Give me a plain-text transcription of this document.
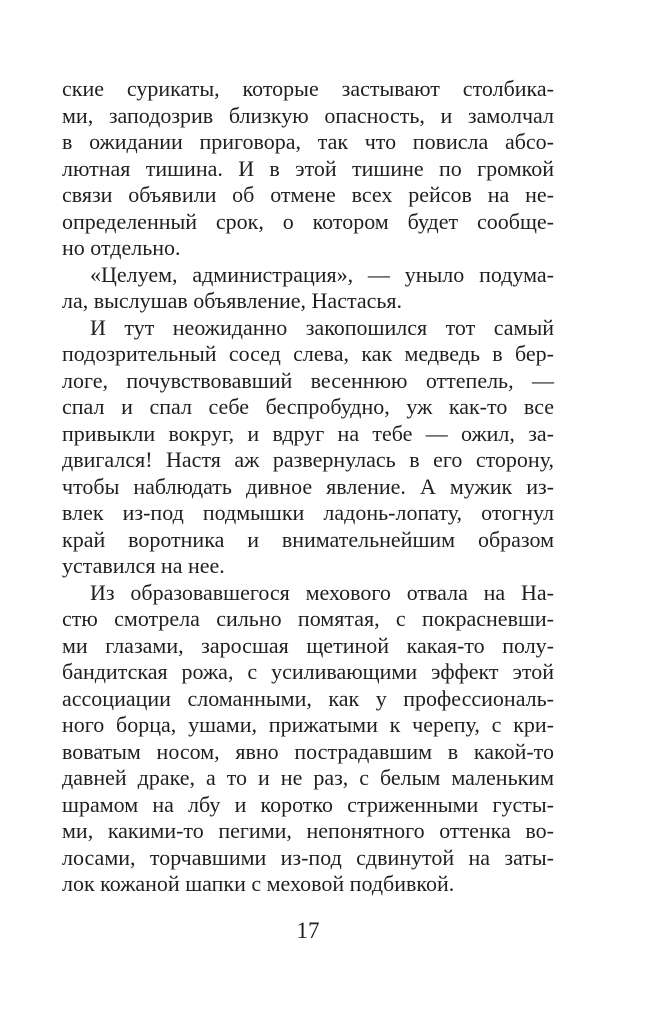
ские сурикаты, которые застывают столбика-
ми, заподозрив близкую опасность, и замолчал
в ожидании приговора, так что повисла абсо-
лютная тишина. И в этой тишине по громкой
связи объявили об отмене всех рейсов на не-
определенный срок, о котором будет сообще-
но отдельно.
«Целуем, администрация», — уныло подума-
ла, выслушав объявление, Настасья.
И тут неожиданно закопошился тот самый
подозрительный сосед слева, как медведь в бер-
логе, почувствовавший весеннюю оттепель, —
спал и спал себе беспробудно, уж как-то все
привыкли вокруг, и вдруг на тебе — ожил, за-
двигался! Настя аж развернулась в его сторону,
чтобы наблюдать дивное явление. А мужик из-
влек из-под подмышки ладонь-лопату, отогнул
край воротника и внимательнейшим образом
уставился на нее.
Из образовавшегося мехового отвала на На-
стю смотрела сильно помятая, с покрасневши-
ми глазами, заросшая щетиной какая-то полу-
бандитская рожа, с усиливающими эффект этой
ассоциации сломанными, как у профессиональ-
ного борца, ушами, прижатыми к черепу, с кри-
воватым носом, явно пострадавшим в какой-то
давней драке, а то и не раз, с белым маленьким
шрамом на лбу и коротко стриженными густы-
ми, какими-то пегими, непонятного оттенка во-
лосами, торчавшими из-под сдвинутой на заты-
лок кожаной шапки с меховой подбивкой.
17
